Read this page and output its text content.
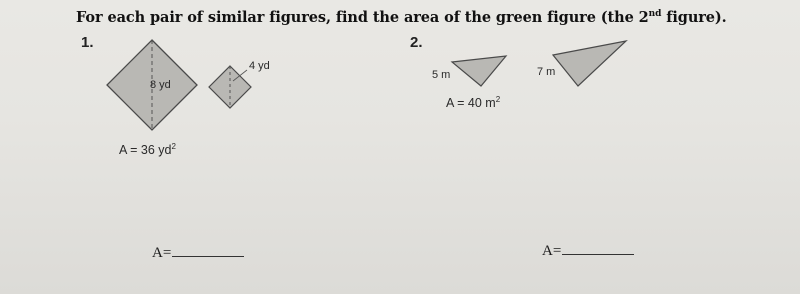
For each pair of similar figures, find the area of the green figure (the 2nd figure).

1.	2.
8 yd
4 yd
5 m	7 m
A = 36 $yd^2$
A = 40 $m^2$
A=	A=
